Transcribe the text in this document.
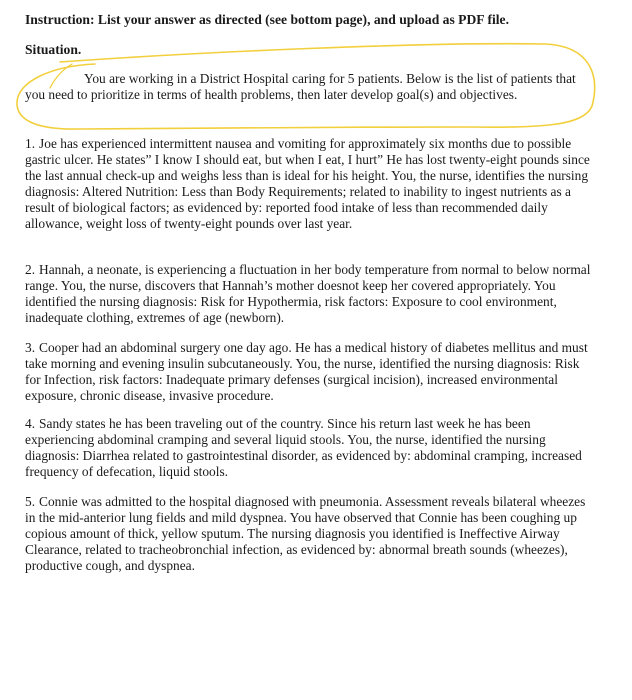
Instruction: List your answer as directed (see bottom page), and upload as PDF file.
Situation.

You are working in a District Hospital caring for 5 patients. Below is the list of patients that you need to prioritize in terms of health problems, then later develop goal(s) and objectives.

1. Joe has experienced intermittent nausea and vomiting for approximately six months due to possible gastric ulcer. He states” I know I should eat, but when I eat, I hurt” He has lost twenty-eight pounds since the last annual check-up and weighs less than is ideal for his height. You, the nurse, identifies the nursing diagnosis: Altered Nutrition: Less than Body Requirements; related to inability to ingest nutrients as a result of biological factors; as evidenced by: reported food intake of less than recommended daily allowance, weight loss of twenty-eight pounds over last year.

2. Hannah, a neonate, is experiencing a fluctuation in her body temperature from normal to below normal range. You, the nurse, discovers that Hannah’s mother doesnot keep her covered appropriately. You identified the nursing diagnosis: Risk for Hypothermia, risk factors: Exposure to cool environment, inadequate clothing, extremes of age (newborn).

3. Cooper had an abdominal surgery one day ago. He has a medical history of diabetes mellitus and must take morning and evening insulin subcutaneously. You, the nurse, identified the nursing diagnosis: Risk for Infection, risk factors: Inadequate primary defenses (surgical incision), increased environmental exposure, chronic disease, invasive procedure.

4. Sandy states he has been traveling out of the country. Since his return last week he has been experiencing abdominal cramping and several liquid stools. You, the nurse, identified the nursing diagnosis: Diarrhea related to gastrointestinal disorder, as evidenced by: abdominal cramping, increased frequency of defecation, liquid stools.

5. Connie was admitted to the hospital diagnosed with pneumonia. Assessment reveals bilateral wheezes in the mid-anterior lung fields and mild dyspnea. You have observed that Connie has been coughing up copious amount of thick, yellow sputum. The nursing diagnosis you identified is Ineffective Airway Clearance, related to tracheobronchial infection, as evidenced by: abnormal breath sounds (wheezes), productive cough, and dyspnea.
